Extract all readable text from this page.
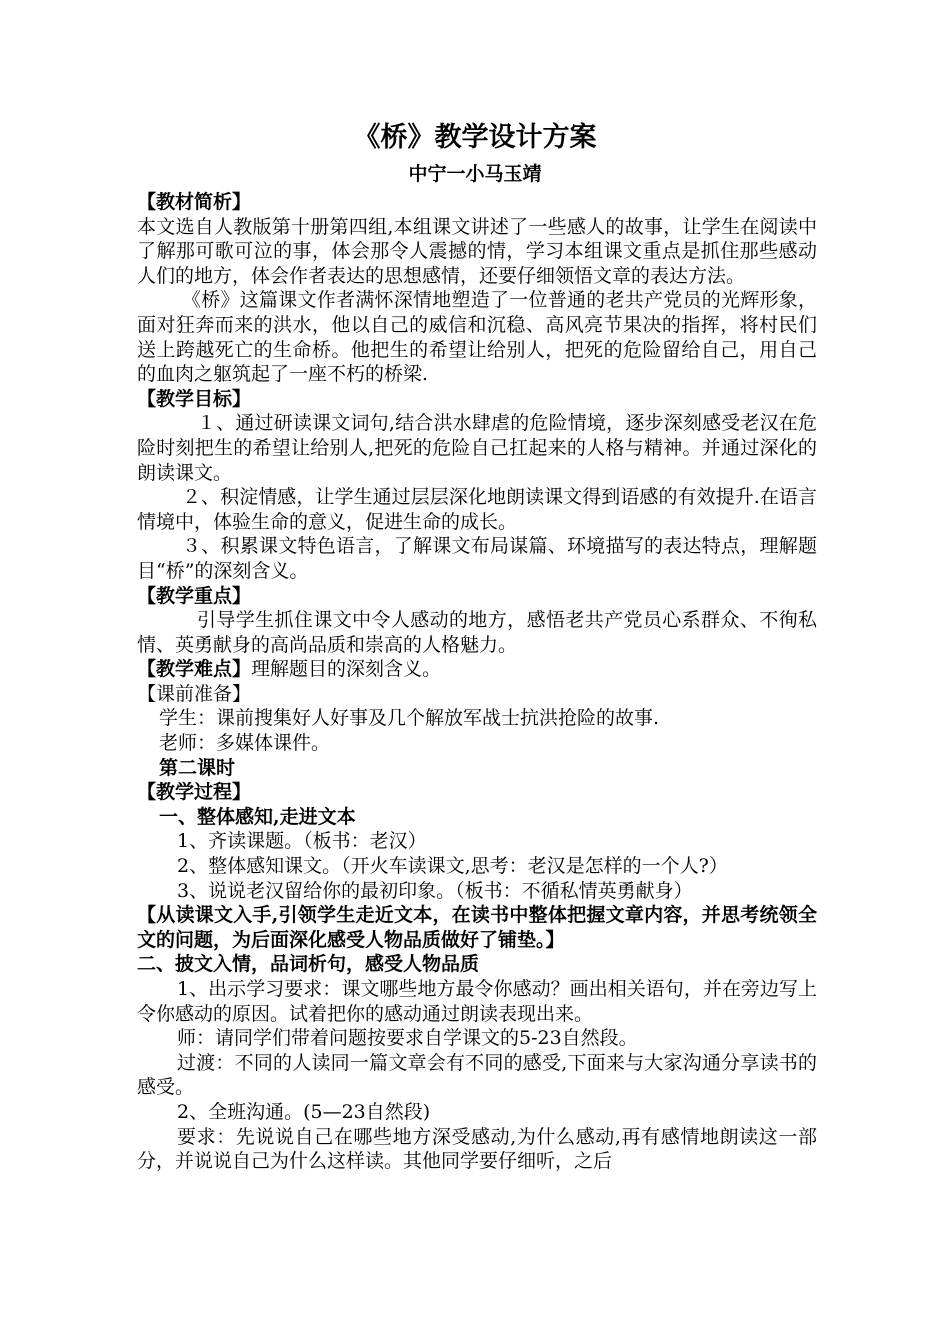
《桥》教学设计方案
中宁一小马玉靖

【教材简析】

本文选自人教版第十册第四组,本组课文讲述了一些感人的故事，让学生在阅读中了解那可歌可泣的事，体会那令人震撼的情，学习本组课文重点是抓住那些感动人们的地方，体会作者表达的思想感情，还要仔细领悟文章的表达方法。

《桥》这篇课文作者满怀深情地塑造了一位普通的老共产党员的光辉形象，面对狂奔而来的洪水，他以自己的威信和沉稳、高风亮节果决的指挥，将村民们送上跨越死亡的生命桥。他把生的希望让给别人，把死的危险留给自己，用自己的血肉之躯筑起了一座不朽的桥梁.

【教学目标】

１、通过研读课文词句,结合洪水肆虐的危险情境，逐步深刻感受老汉在危险时刻把生的希望让给别人,把死的危险自己扛起来的人格与精神。并通过深化的朗读课文。

２、积淀情感，让学生通过层层深化地朗读课文得到语感的有效提升.在语言情境中，体验生命的意义，促进生命的成长。

３、积累课文特色语言，了解课文布局谋篇、环境描写的表达特点，理解题目“桥”的深刻含义。

【教学重点】

引导学生抓住课文中令人感动的地方，感悟老共产党员心系群众、不徇私情、英勇献身的高尚品质和崇高的人格魅力。

【教学难点】理解题目的深刻含义。

【课前准备】

学生：课前搜集好人好事及几个解放军战士抗洪抢险的故事.

老师：多媒体课件。

第二课时

【教学过程】

一、整体感知,走进文本

1、齐读课题。（板书：老汉）

2、整体感知课文。（开火车读课文,思考：老汉是怎样的一个人?）

3、说说老汉留给你的最初印象。（板书：不循私情英勇献身）

【从读课文入手,引领学生走近文本，在读书中整体把握文章内容，并思考统领全文的问题，为后面深化感受人物品质做好了铺垫。】

二、披文入情，品词析句，感受人物品质

1、出示学习要求：课文哪些地方最令你感动？画出相关语句，并在旁边写上令你感动的原因。试着把你的感动通过朗读表现出来。

师：请同学们带着问题按要求自学课文的5-23自然段。

过渡：不同的人读同一篇文章会有不同的感受,下面来与大家沟通分享读书的感受。

2、全班沟通。(5—23自然段)

要求：先说说自己在哪些地方深受感动,为什么感动,再有感情地朗读这一部分，并说说自己为什么这样读。其他同学要仔细听，之后
